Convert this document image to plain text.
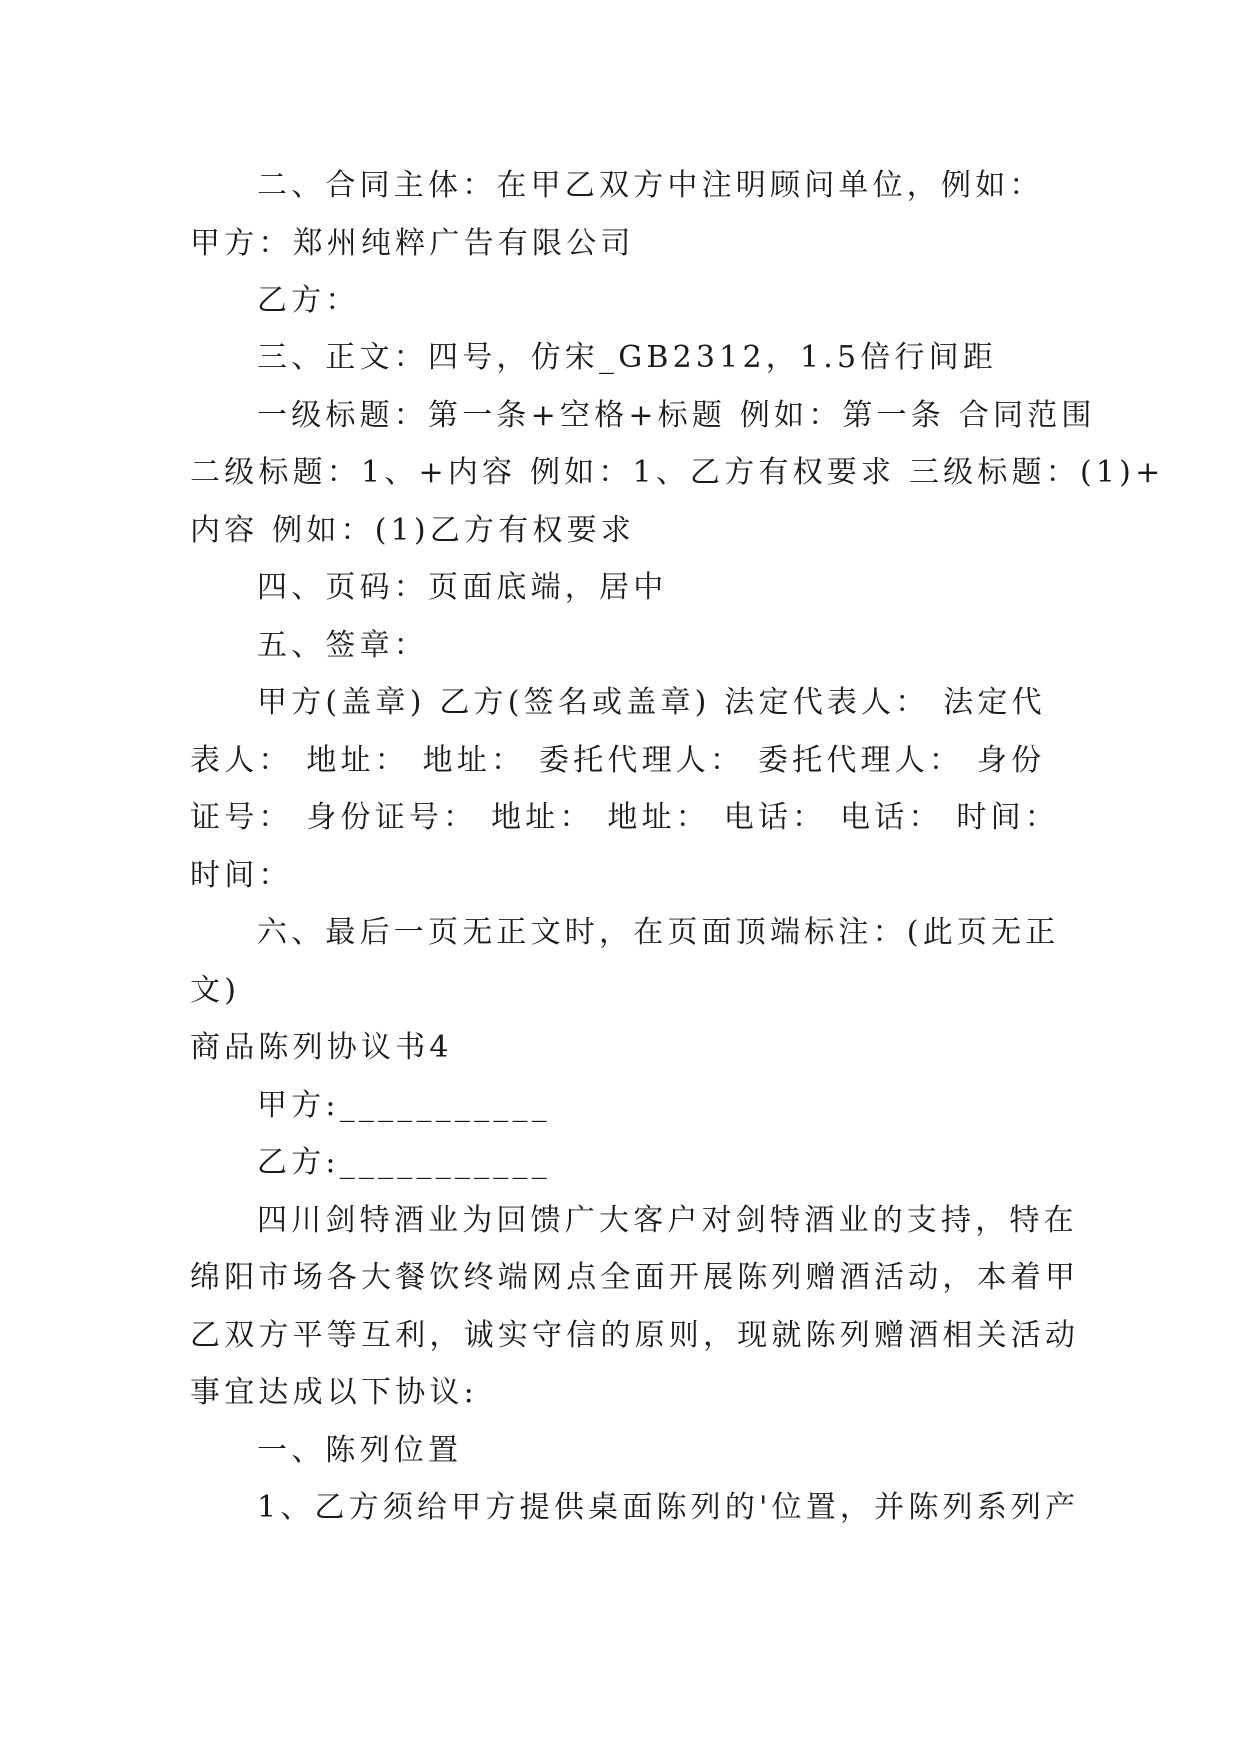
二、合同主体：在甲乙双方中注明顾问单位，例如：
甲方：郑州纯粹广告有限公司
乙方：
三、正文：四号，仿宋_GB2312，1.5倍行间距
一级标题：第一条+空格+标题 例如：第一条 合同范围
二级标题：1、+内容 例如：1、乙方有权要求 三级标题：(1)+
内容 例如：(1)乙方有权要求
四、页码：页面底端，居中
五、签章：
甲方(盖章) 乙方(签名或盖章) 法定代表人： 法定代
表人： 地址： 地址： 委托代理人： 委托代理人： 身份
证号： 身份证号： 地址： 地址： 电话： 电话： 时间：
时间：
六、最后一页无正文时，在页面顶端标注：(此页无正
文)
商品陈列协议书4
甲方:___________
乙方:___________
四川剑特酒业为回馈广大客户对剑特酒业的支持，特在
绵阳市场各大餐饮终端网点全面开展陈列赠酒活动，本着甲
乙双方平等互利，诚实守信的原则，现就陈列赠酒相关活动
事宜达成以下协议:
一、陈列位置
1、乙方须给甲方提供桌面陈列的'位置，并陈列系列产
